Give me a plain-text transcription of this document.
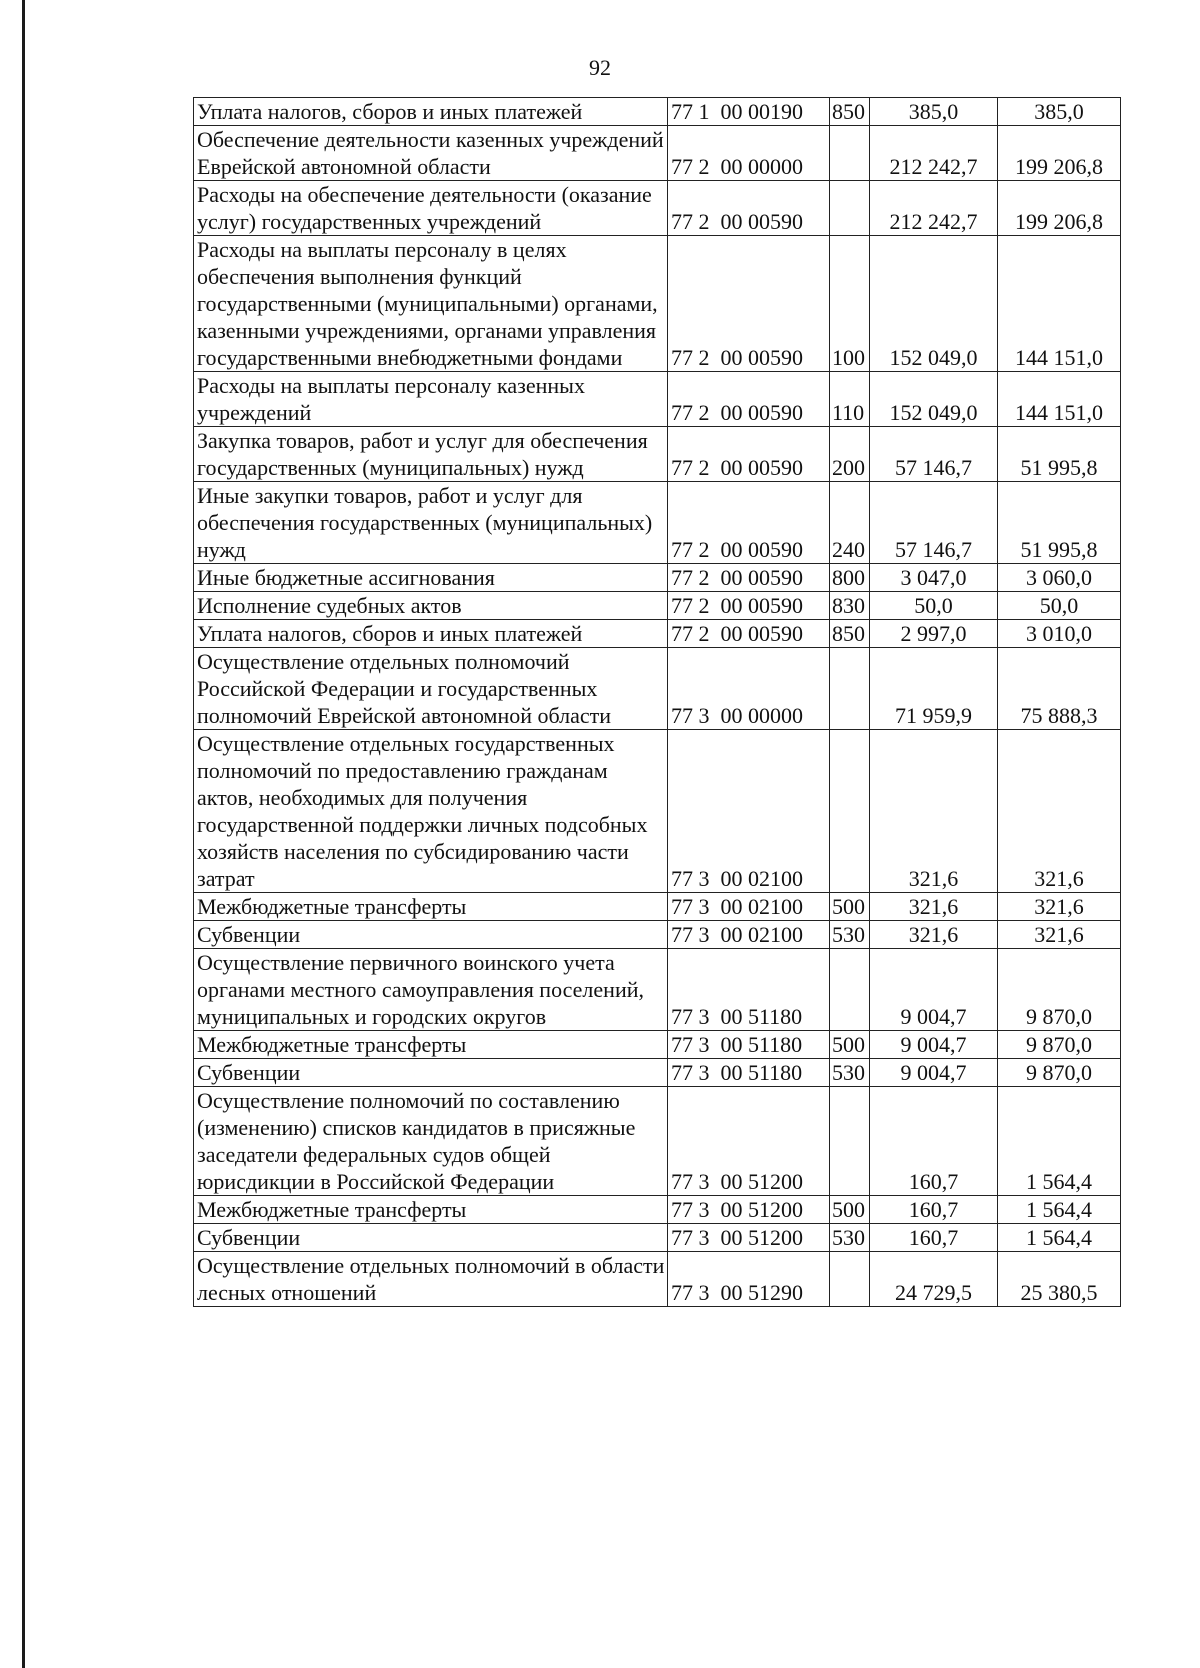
92
Уплата налогов, сборов и иных платежей	77 1  00 00190	850	385,0	385,0
Обеспечение деятельности казенных учреждений Еврейской автономной области	77 2  00 00000		212 242,7	199 206,8
Расходы на обеспечение деятельности (оказание услуг) государственных учреждений	77 2  00 00590		212 242,7	199 206,8
Расходы на выплаты персоналу в целях обеспечения выполнения функций государственными (муниципальными) органами, казенными учреждениями, органами управления государственными внебюджетными фондами	77 2  00 00590	100	152 049,0	144 151,0
Расходы на выплаты персоналу казенных учреждений	77 2  00 00590	110	152 049,0	144 151,0
Закупка товаров, работ и услуг для обеспечения государственных (муниципальных) нужд	77 2  00 00590	200	57 146,7	51 995,8
Иные закупки товаров, работ и услуг для обеспечения государственных (муниципальных) нужд	77 2  00 00590	240	57 146,7	51 995,8
Иные бюджетные ассигнования	77 2  00 00590	800	3 047,0	3 060,0
Исполнение судебных актов	77 2  00 00590	830	50,0	50,0
Уплата налогов, сборов и иных платежей	77 2  00 00590	850	2 997,0	3 010,0
Осуществление отдельных полномочий Российской Федерации и государственных полномочий Еврейской автономной области	77 3  00 00000		71 959,9	75 888,3
Осуществление отдельных государственных полномочий по предоставлению гражданам актов, необходимых для получения государственной поддержки личных подсобных хозяйств населения по субсидированию части затрат	77 3  00 02100		321,6	321,6
Межбюджетные трансферты	77 3  00 02100	500	321,6	321,6
Субвенции	77 3  00 02100	530	321,6	321,6
Осуществление первичного воинского учета органами местного самоуправления поселений, муниципальных и городских округов	77 3  00 51180		9 004,7	9 870,0
Межбюджетные трансферты	77 3  00 51180	500	9 004,7	9 870,0
Субвенции	77 3  00 51180	530	9 004,7	9 870,0
Осуществление полномочий по составлению (изменению) списков кандидатов в присяжные заседатели федеральных судов общей юрисдикции в Российской Федерации	77 3  00 51200		160,7	1 564,4
Межбюджетные трансферты	77 3  00 51200	500	160,7	1 564,4
Субвенции	77 3  00 51200	530	160,7	1 564,4
Осуществление отдельных полномочий в области лесных отношений	77 3  00 51290		24 729,5	25 380,5
